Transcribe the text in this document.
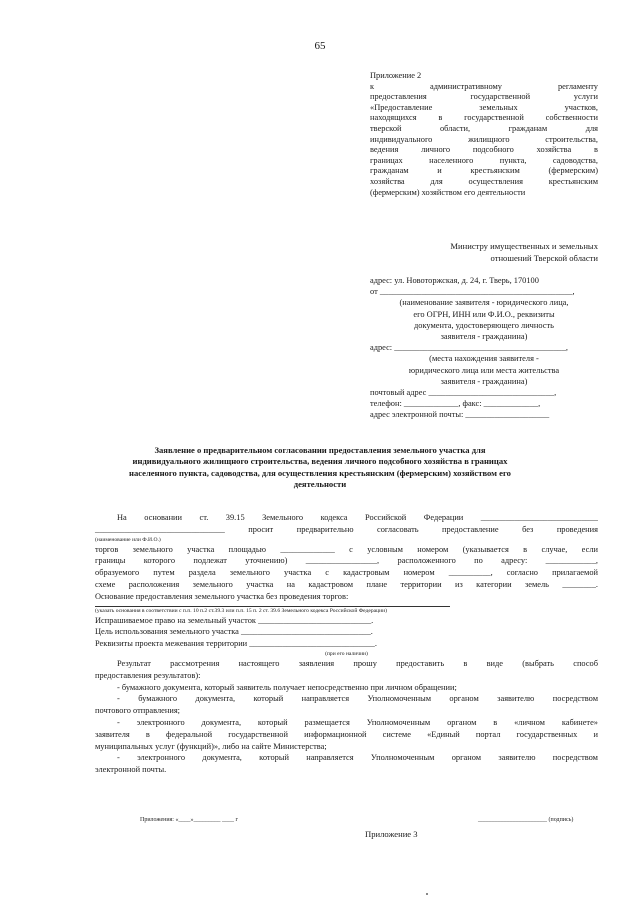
65
Приложение 2
к административному регламенту
предоставления государственной услуги
«Предоставление земельных участков,
находящихся в государственной собственности
тверской области, гражданам для
индивидуального жилищного строительства,
ведения личного подсобного хозяйства в
границах населенного пункта, садоводства,
гражданам и крестьянским (фермерским)
хозяйства для осуществления крестьянским
(фермерским) хозяйством его деятельности
Министру имущественных и земельных
отношений Тверской области
адрес: ул. Новоторжская, д. 24, г. Тверь, 170100
от ______________________________________________,
(наименование заявителя - юридического лица,
его ОГРН, ИНН или Ф.И.О., реквизиты
документа, удостоверяющего личность
заявителя - гражданина)
адрес: _________________________________________,
(места нахождения заявителя -
юридического лица или места жительства
заявителя - гражданина)
почтовый адрес ______________________________,
телефон: _____________, факс: _____________,
адрес электронной почты: ____________________
Заявление о предварительном согласовании предоставления земельного участка для
индивидуального жилищного строительства, ведения личного подсобного хозяйства в границах
населенного пункта, садоводства, для осуществления крестьянским (фермерским) хозяйством его
деятельности
На основании ст. 39.15 Земельного кодекса Российской Федерации ____________________________
_______________________________ просит предварительно согласовать предоставление без проведения
(наименование или Ф.И.О.)
торгов земельного участка площадью _____________ с условным номером (указывается в случае, если
границы которого подлежат уточнению) _________________, расположенного по адресу: ____________,
образуемого путем раздела земельного участка с кадастровым номером __________, согласно прилагаемой
схеме расположения земельного участка на кадастровом плане территории из категории земель ________.
Основание предоставления земельного участка без проведения торгов:
(указать основания в соответствии с п.п. 10 п.2 ст.39.3 или п.п. 15 п. 2 ст. 39.6 Земельного кодекса Российской Федерации)
Испрашиваемое право на земельный участок ___________________________.
Цель использования земельного участка _______________________________.
Реквизиты проекта межевания территории ______________________________.
(при его наличии)
Результат рассмотрения настоящего заявления прошу предоставить в виде (выбрать способ
предоставления результатов):
- бумажного документа, который заявитель получает непосредственно при личном обращении;
- бумажного документа, который направляется Уполномоченным органом заявителю посредством
почтового отправления;
- электронного документа, который размещается Уполномоченным органом в «личном кабинете»
заявителя в федеральной государственной информационной системе «Единый портал государственных и
муниципальных услуг (функций)», либо на сайте Министерства;
- электронного документа, который направляется Уполномоченным органом заявителю посредством
электронной почты.
Приложения: «____»_________ ____ г	_______________________ (подпись)
Приложение 3
